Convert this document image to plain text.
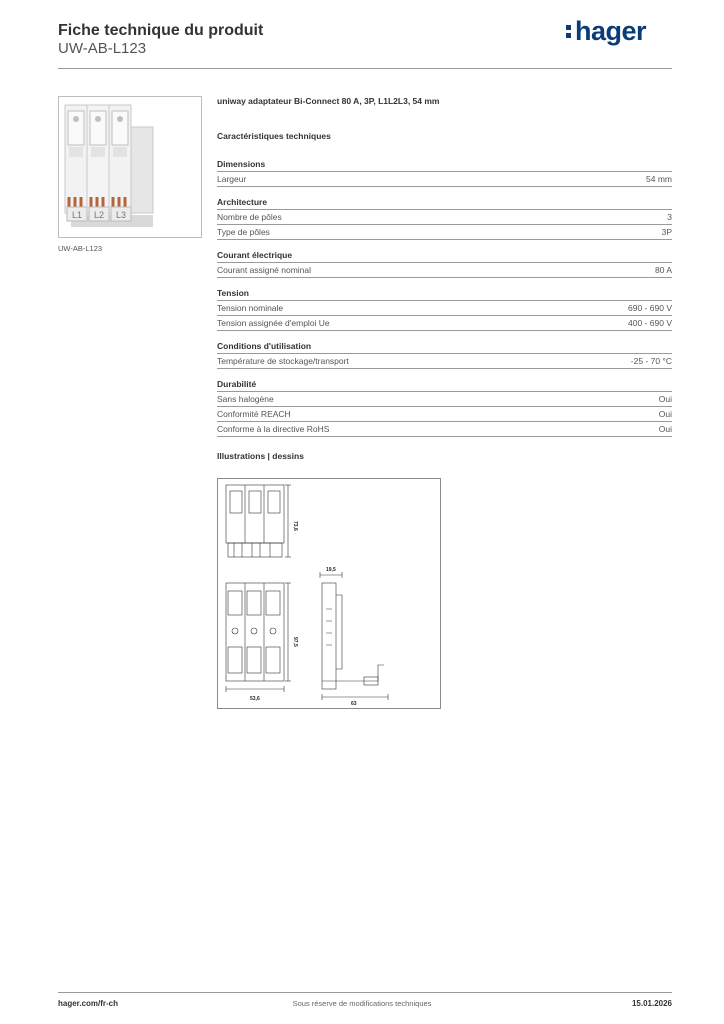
Fiche technique du produit
UW-AB-L123
hager
L1 L2 L3
UW-AB-L123
uniway adaptateur Bi-Connect 80 A, 3P, L1L2L3, 54 mm
Caractéristiques techniques
Dimensions
Largeur	54 mm
Architecture
Nombre de pôles	3
Type de pôles	3P
Courant électrique
Courant assigné nominal	80 A
Tension
Tension nominale	690 - 690 V
Tension assignée d'emploi Ue	400 - 690 V
Conditions d'utilisation
Température de stockage/transport	-25 - 70 °C
Durabilité
Sans halogène	Oui
Conformité REACH	Oui
Conforme à la directive RoHS	Oui
Illustrations | dessins
73,6
97,5
53,6
19,5
63
hager.com/fr-ch	Sous réserve de modifications techniques	15.01.2026
